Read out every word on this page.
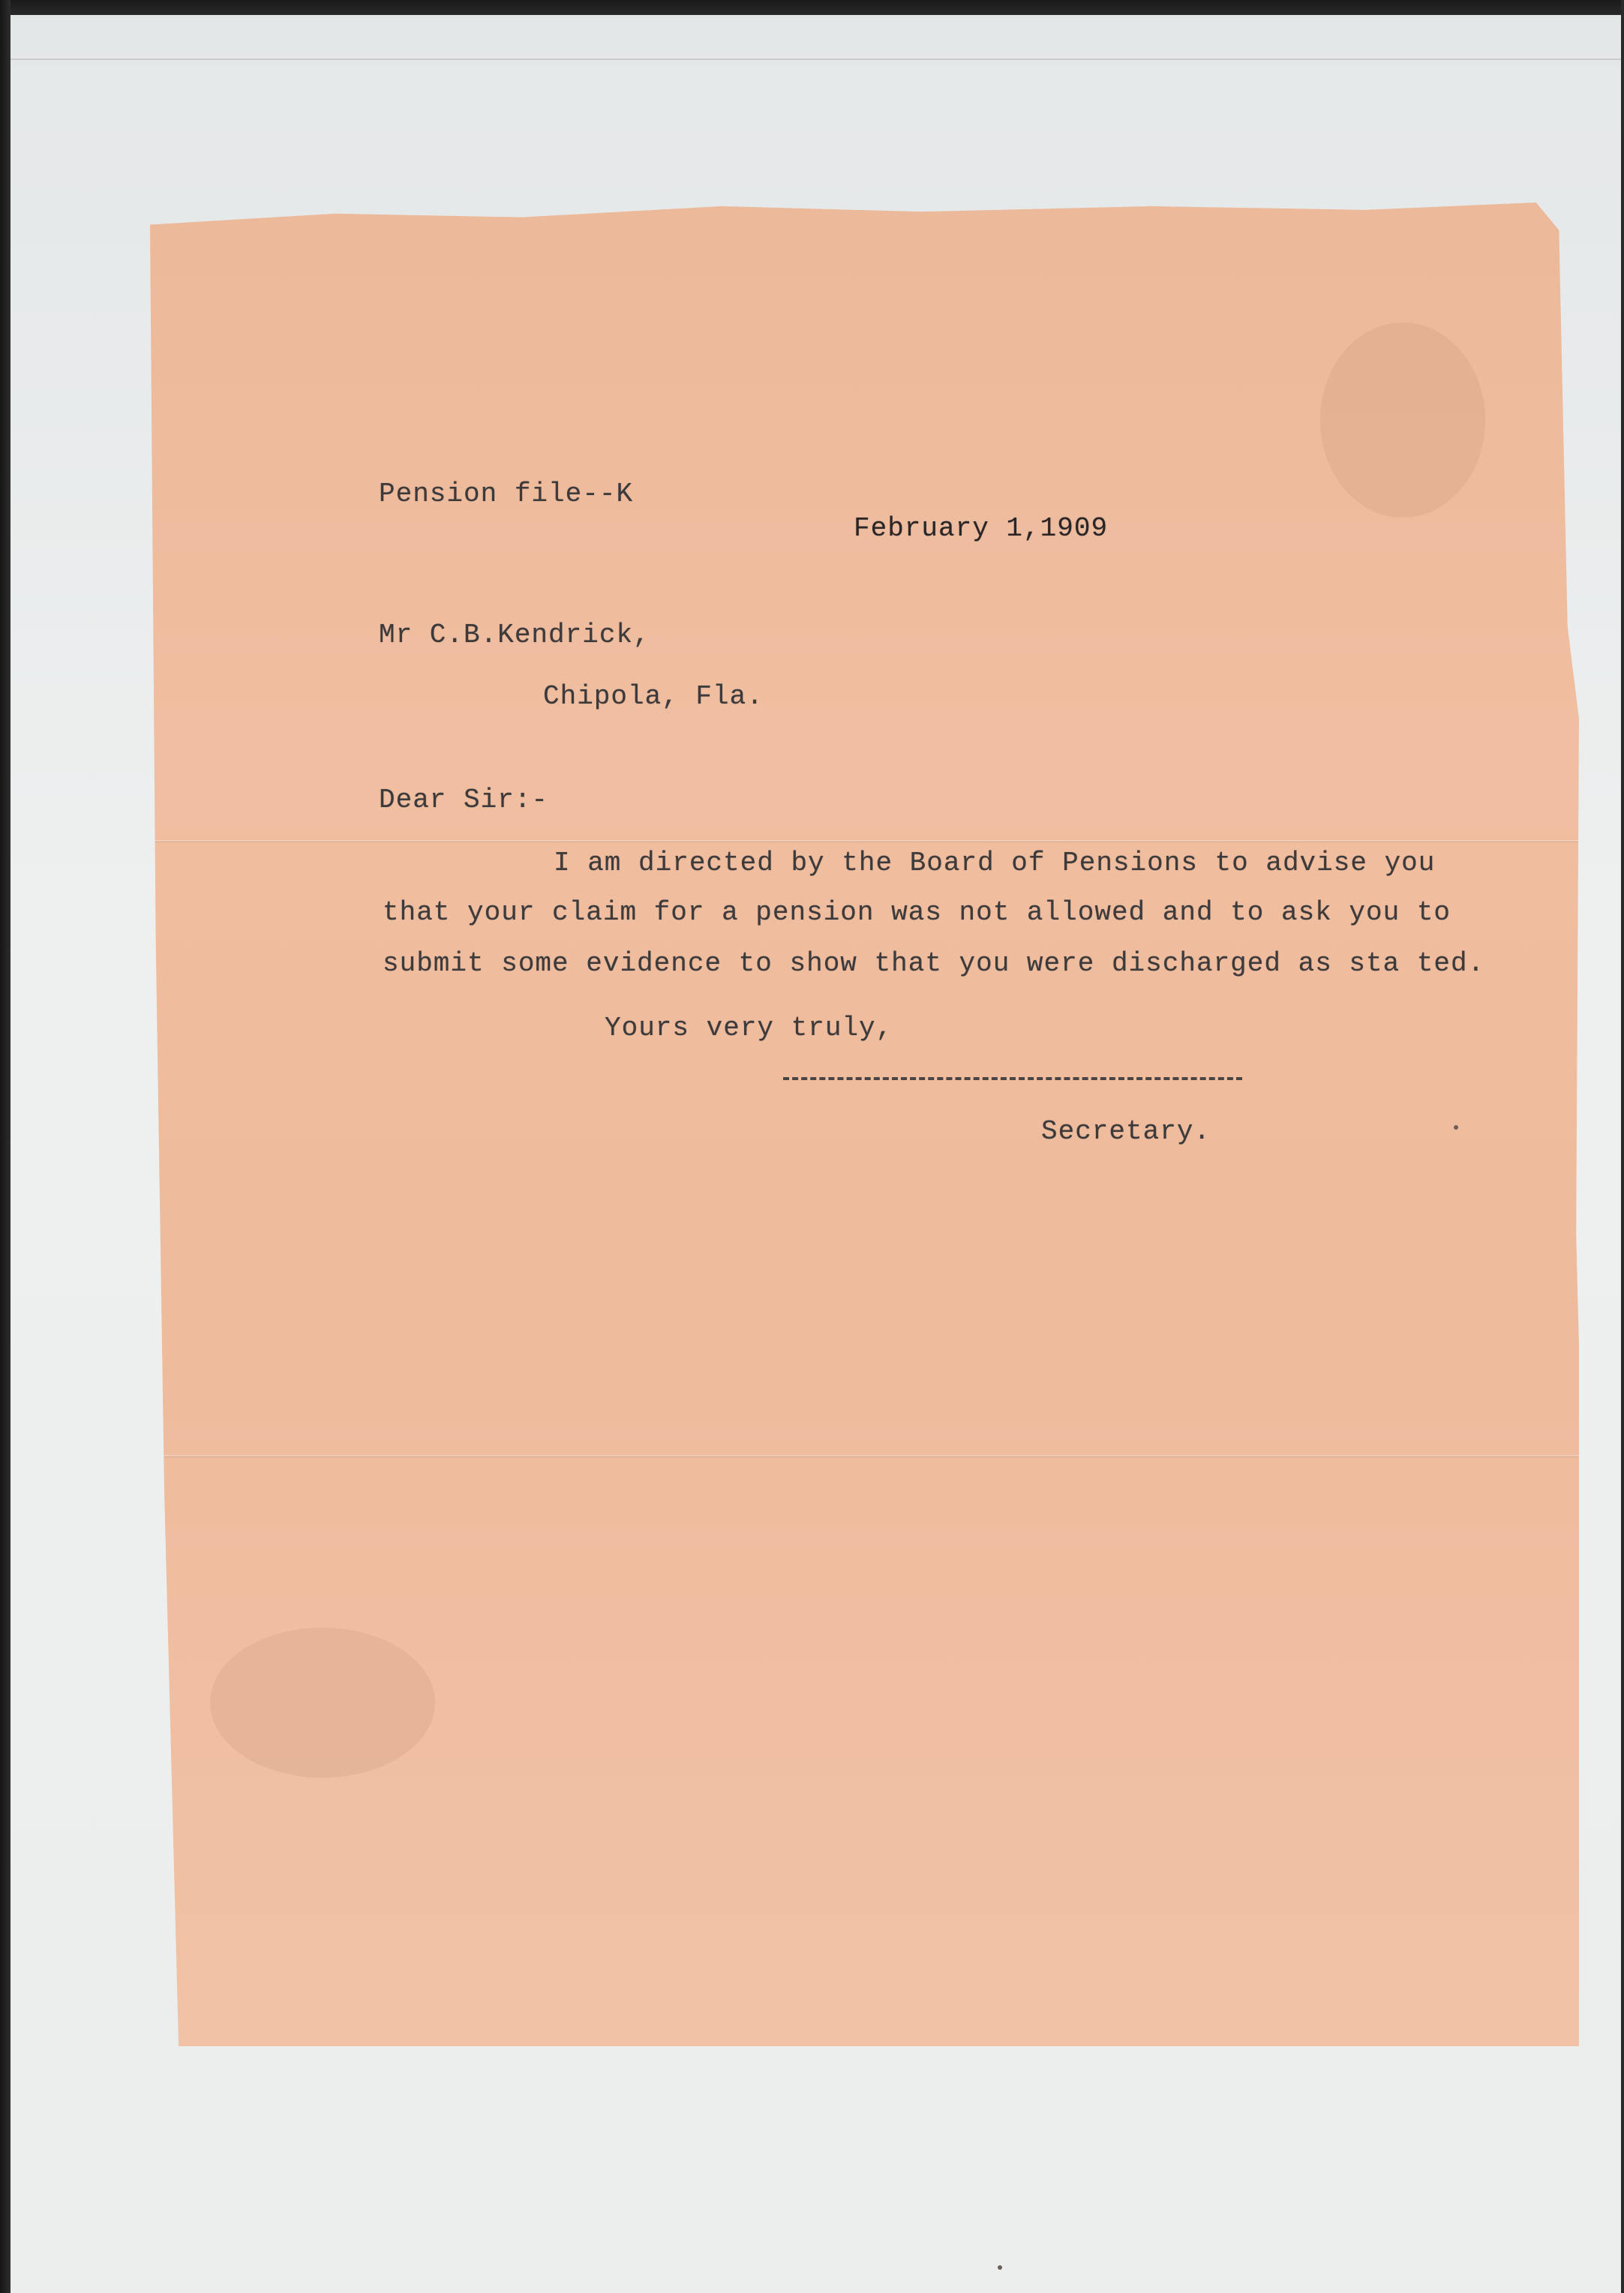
Pension file--K
February 1,1909
Mr C.B.Kendrick,
Chipola, Fla.
Dear Sir:-
I am directed by the Board of Pensions to advise you
that your claim for a pension was not allowed and to ask you to
submit some evidence to show that you were discharged as sta ted.
Yours very truly,
Secretary.
